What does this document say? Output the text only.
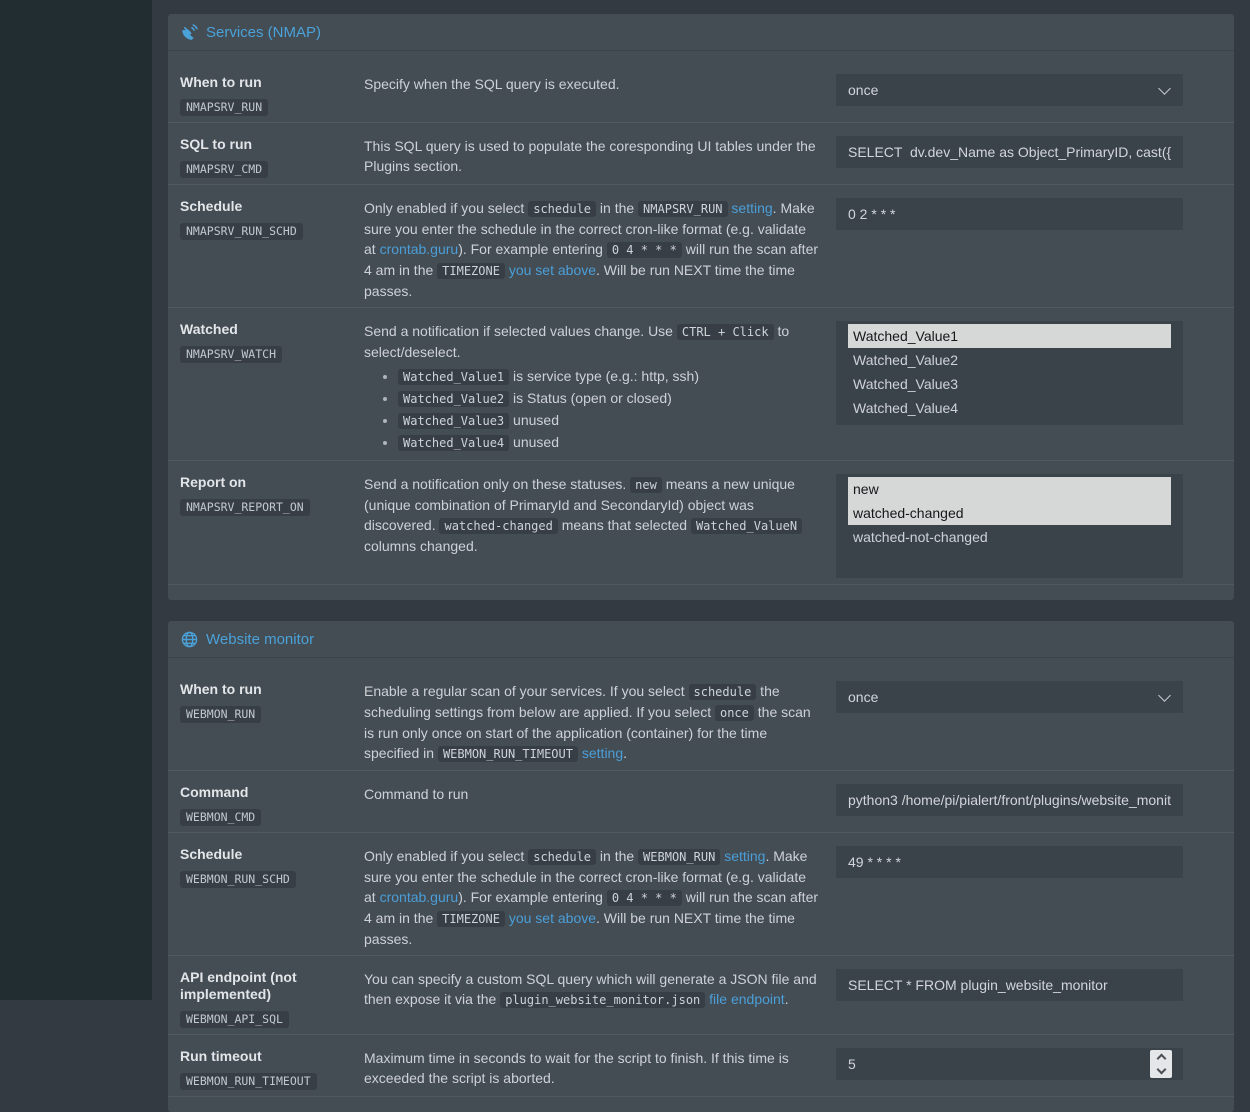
Services (NMAP)
When to run
NMAPSRV_RUN
Specify when the SQL query is executed.	once
SQL to run
NMAPSRV_CMD
This SQL query is used to populate the coresponding UI tables under the Plugins section.
SELECT dv.dev_Name as Object_PrimaryID, cast({s-quo
Schedule
NMAPSRV_RUN_SCHD
Only enabled if you select schedule in the NMAPSRV_RUN setting. Make sure you enter the schedule in the correct cron-like format (e.g. validate at crontab.guru). For example entering 0 4 * * * will run the scan after 4 am in the TIMEZONE you set above. Will be run NEXT time the time passes.
0 2 * * *
Watched
NMAPSRV_WATCH
Send a notification if selected values change. Use CTRL + Click to select/deselect.
• Watched_Value1 is service type (e.g.: http, ssh)
• Watched_Value2 is Status (open or closed)
• Watched_Value3 unused
• Watched_Value4 unused
Watched_Value1
Watched_Value2
Watched_Value3
Watched_Value4
Report on
NMAPSRV_REPORT_ON
Send a notification only on these statuses. new means a new unique (unique combination of PrimaryId and SecondaryId) object was discovered. watched-changed means that selected Watched_ValueN columns changed.
new
watched-changed
watched-not-changed
Website monitor
When to run
WEBMON_RUN
Enable a regular scan of your services. If you select schedule the scheduling settings from below are applied. If you select once the scan is run only once on start of the application (container) for the time specified in WEBMON_RUN_TIMEOUT setting.
once
Command
WEBMON_CMD
Command to run
python3 /home/pi/pialert/front/plugins/website_monit
Schedule
WEBMON_RUN_SCHD
Only enabled if you select schedule in the WEBMON_RUN setting. Make sure you enter the schedule in the correct cron-like format (e.g. validate at crontab.guru). For example entering 0 4 * * * will run the scan after 4 am in the TIMEZONE you set above. Will be run NEXT time the time passes.
49 * * * *
API endpoint (not implemented)
WEBMON_API_SQL
You can specify a custom SQL query which will generate a JSON file and then expose it via the plugin_website_monitor.json file endpoint.
SELECT * FROM plugin_website_monitor
Run timeout
WEBMON_RUN_TIMEOUT
Maximum time in seconds to wait for the script to finish. If this time is exceeded the script is aborted.
5
